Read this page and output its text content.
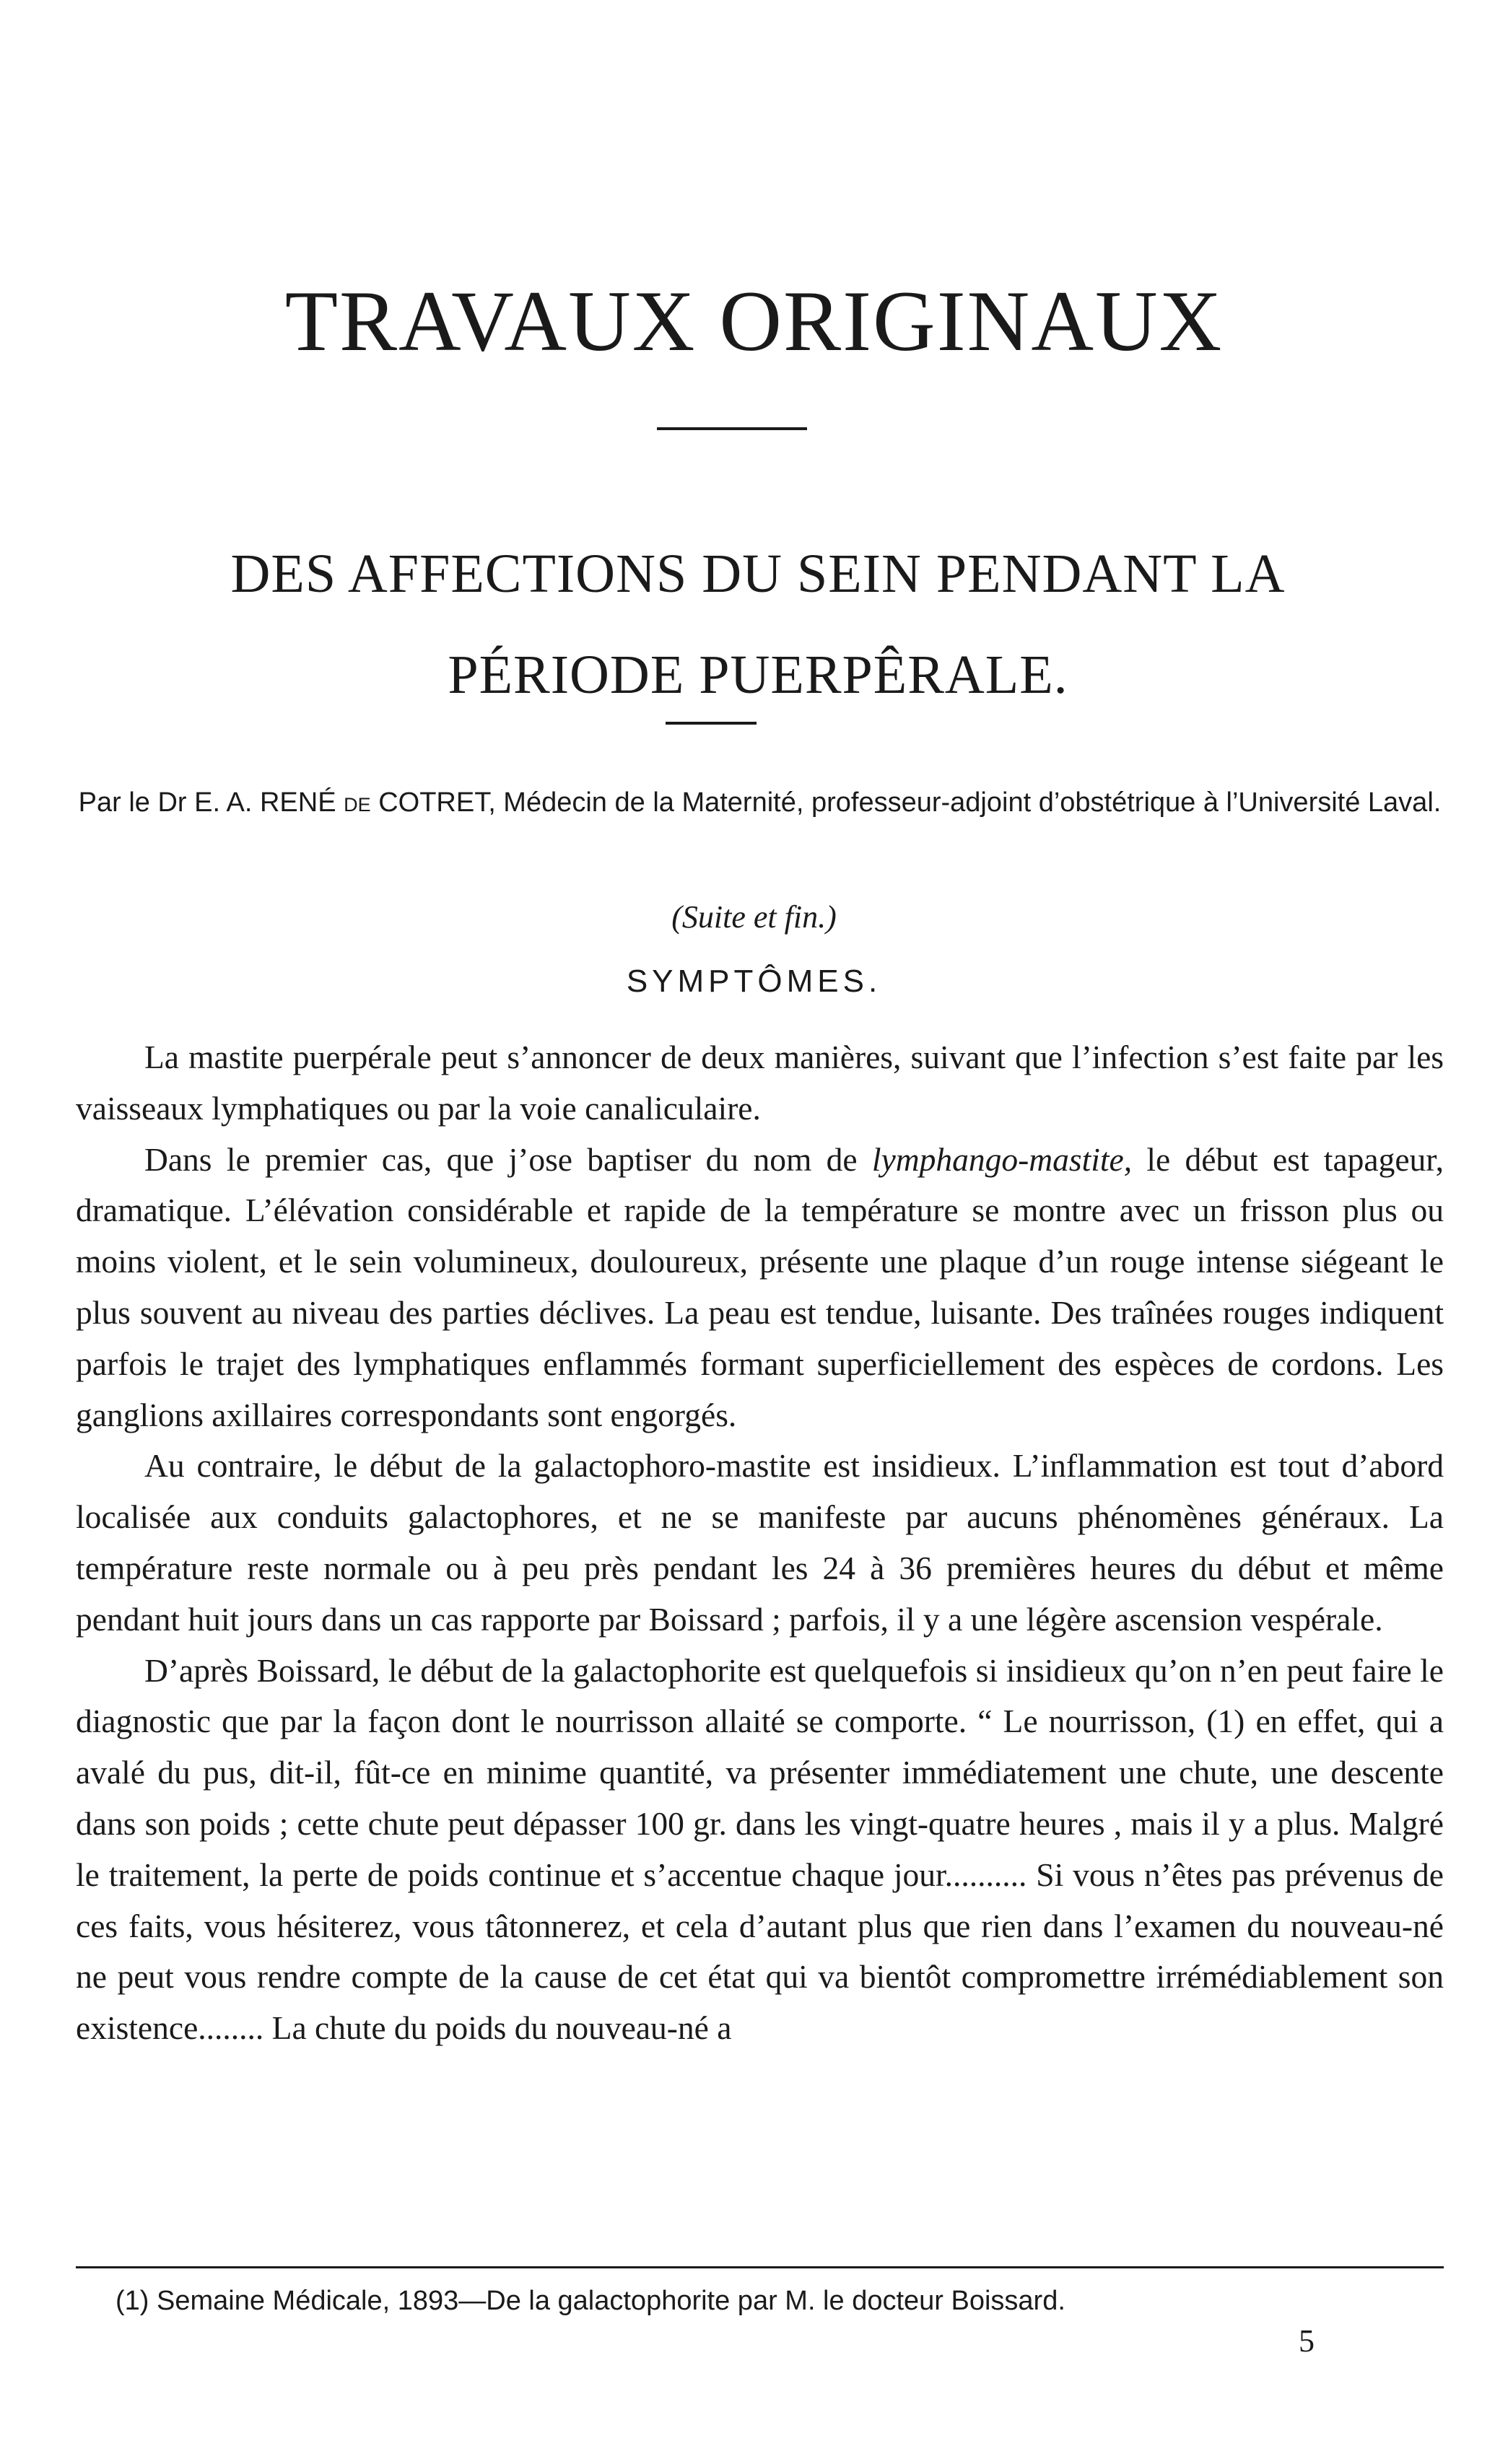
TRAVAUX ORIGINAUX
DES AFFECTIONS DU SEIN PENDANT LA
PÉRIODE PUERPÊRALE.
Par le Dr E. A. RENÉ de COTRET, Médecin de la Maternité, professeur-adjoint d’obstétrique à l’Université Laval.
(Suite et fin.)
SYMPTÔMES.

La mastite puerpérale peut s’annoncer de deux manières, suivant que l’infection s’est faite par les vaisseaux lymphatiques ou par la voie canaliculaire.

Dans le premier cas, que j’ose baptiser du nom de lymphango-mastite, le début est tapageur, dramatique. L’élévation considérable et rapide de la température se montre avec un frisson plus ou moins violent, et le sein volumineux, douloureux, présente une plaque d’un rouge intense siégeant le plus souvent au niveau des parties déclives. La peau est tendue, luisante. Des traînées rouges indiquent parfois le trajet des lymphatiques enflammés formant superficiellement des espèces de cordons. Les ganglions axillaires correspondants sont engorgés.

Au contraire, le début de la galactophoro-mastite est insidieux. L’inflammation est tout d’abord localisée aux conduits galactophores, et ne se manifeste par aucuns phénomènes généraux. La température reste normale ou à peu près pendant les 24 à 36 premières heures du début et même pendant huit jours dans un cas rapporte par Boissard ; parfois, il y a une légère ascension vespérale.

D’après Boissard, le début de la galactophorite est quelquefois si insidieux qu’on n’en peut faire le diagnostic que par la façon dont le nourrisson allaité se comporte. “ Le nourrisson, (1) en effet, qui a avalé du pus, dit-il, fût-ce en minime quantité, va présenter immédiatement une chute, une descente dans son poids ; cette chute peut dépasser 100 gr. dans les vingt-quatre heures , mais il y a plus. Malgré le traitement, la perte de poids continue et s’accentue chaque jour.......... Si vous n’êtes pas prévenus de ces faits, vous hésiterez, vous tâtonnerez, et cela d’autant plus que rien dans l’examen du nouveau-né ne peut vous rendre compte de la cause de cet état qui va bientôt compromettre irrémédiablement son existence........ La chute du poids du nouveau-né a

(1) Semaine Médicale, 1893—De la galactophorite par M. le docteur Boissard.
5
